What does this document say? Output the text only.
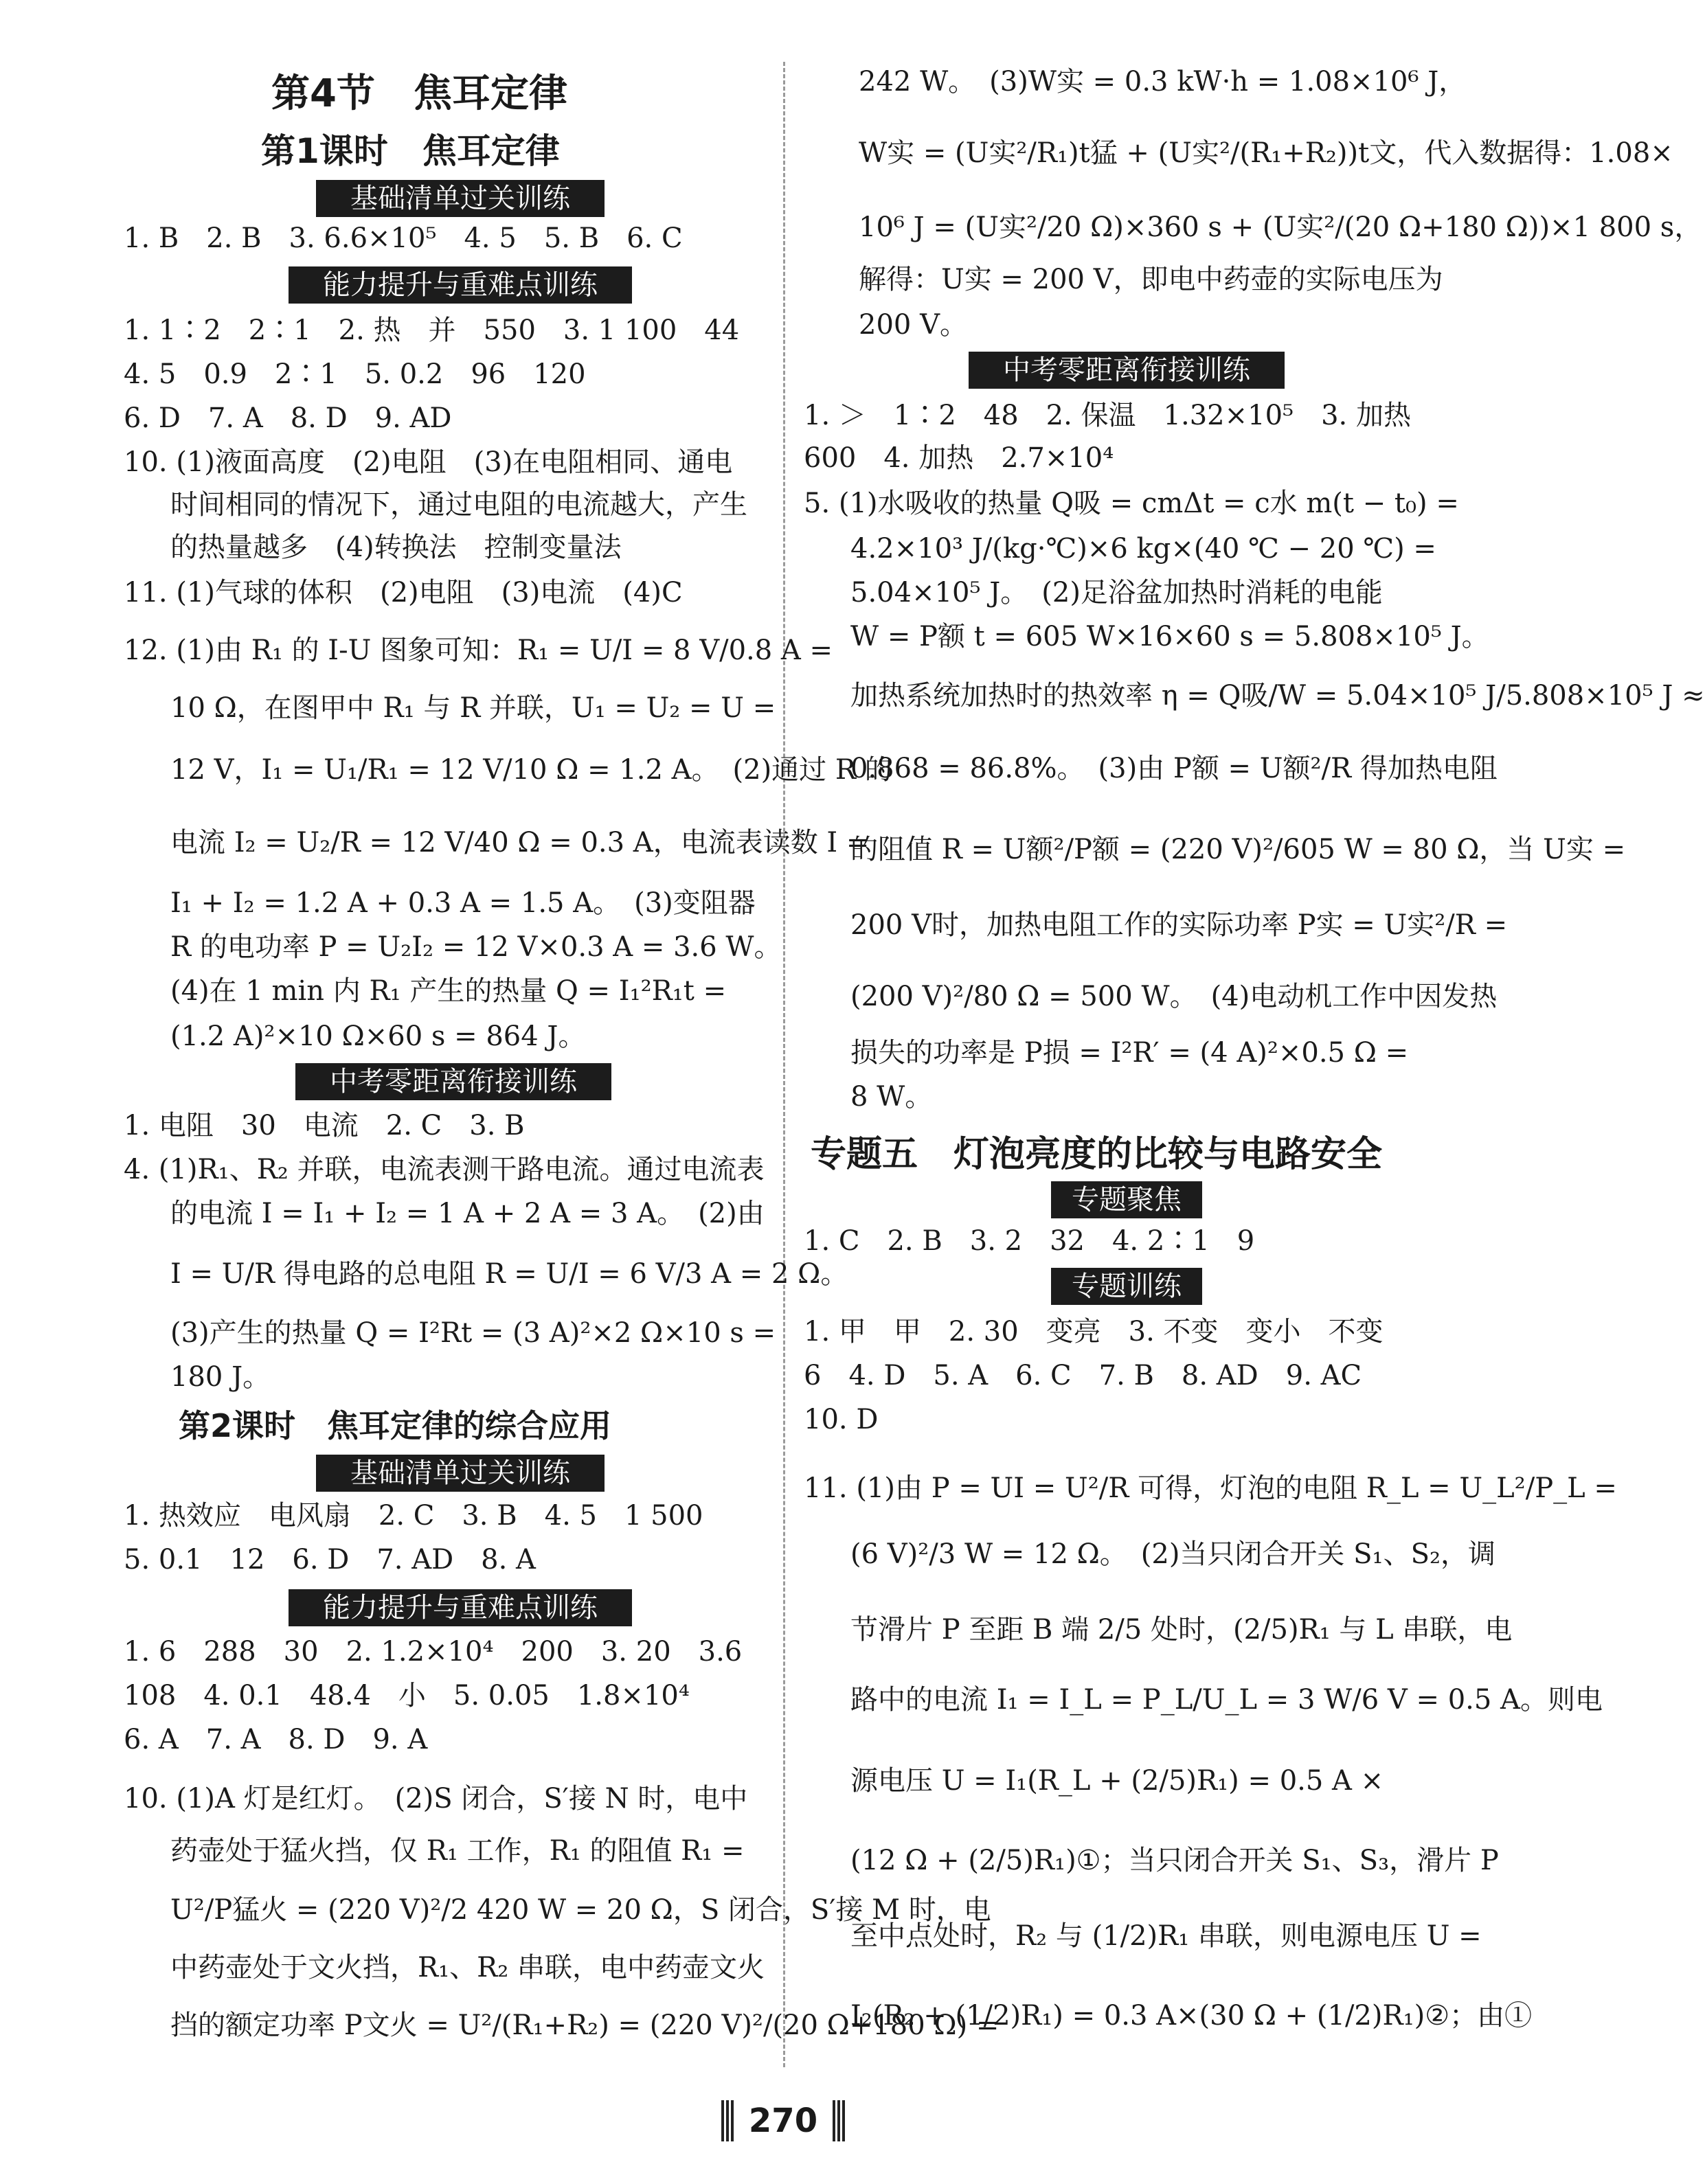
第4节　焦耳定律
第1课时　焦耳定律
基础清单过关训练
1. B　2. B　3. 6.6×10⁵　4. 5　5. B　6. C
能力提升与重难点训练
1. 1∶2　2∶1　2. 热　并　550　3. 1 100　44
4. 5　0.9　2∶1　5. 0.2　96　120
6. D　7. A　8. D　9. AD
10. (1)液面高度　(2)电阻　(3)在电阻相同、通电
时间相同的情况下，通过电阻的电流越大，产生
的热量越多　(4)转换法　控制变量法
11. (1)气球的体积　(2)电阻　(3)电流　(4)C
12. (1)由 R₁ 的 I-U 图象可知：R₁ = U/I = 8 V/0.8 A =
10 Ω，在图甲中 R₁ 与 R 并联，U₁ = U₂ = U =
12 V，I₁ = U₁/R₁ = 12 V/10 Ω = 1.2 A。　(2)通过 R 的
电流 I₂ = U₂/R = 12 V/40 Ω = 0.3 A，电流表读数 I =
I₁ + I₂ = 1.2 A + 0.3 A = 1.5 A。　(3)变阻器
R 的电功率 P = U₂I₂ = 12 V×0.3 A = 3.6 W。
(4)在 1 min 内 R₁ 产生的热量 Q = I₁²R₁t =
(1.2 A)²×10 Ω×60 s = 864 J。
中考零距离衔接训练
1. 电阻　30　电流　2. C　3. B
4. (1)R₁、R₂ 并联，电流表测干路电流。通过电流表
的电流 I = I₁ + I₂ = 1 A + 2 A = 3 A。　(2)由
I = U/R 得电路的总电阻 R = U/I = 6 V/3 A = 2 Ω。
(3)产生的热量 Q = I²Rt = (3 A)²×2 Ω×10 s =
180 J。
第2课时　焦耳定律的综合应用
基础清单过关训练
1. 热效应　电风扇　2. C　3. B　4. 5　1 500
5. 0.1　12　6. D　7. AD　8. A
能力提升与重难点训练
1. 6　288　30　2. 1.2×10⁴　200　3. 20　3.6
108　4. 0.1　48.4　小　5. 0.05　1.8×10⁴
6. A　7. A　8. D　9. A
10. (1)A 灯是红灯。　(2)S 闭合，S′接 N 时，电中
药壶处于猛火挡，仅 R₁ 工作，R₁ 的阻值 R₁ =
U²/P猛火 = (220 V)²/2 420 W = 20 Ω，S 闭合，S′接 M 时，电
中药壶处于文火挡，R₁、R₂ 串联，电中药壶文火
挡的额定功率 P文火 = U²/(R₁+R₂) = (220 V)²/(20 Ω+180 Ω) =
242 W。　(3)W实 = 0.3 kW·h = 1.08×10⁶ J，
W实 = (U实²/R₁)t猛 + (U实²/(R₁+R₂))t文，代入数据得：1.08×
10⁶ J = (U实²/20 Ω)×360 s + (U实²/(20 Ω+180 Ω))×1 800 s，
解得：U实 = 200 V，即电中药壶的实际电压为
200 V。
中考零距离衔接训练
1. ＞　1∶2　48　2. 保温　1.32×10⁵　3. 加热
600　4. 加热　2.7×10⁴
5. (1)水吸收的热量 Q吸 = cmΔt = c水 m(t − t₀) =
4.2×10³ J/(kg·℃)×6 kg×(40 ℃ − 20 ℃) =
5.04×10⁵ J。　(2)足浴盆加热时消耗的电能
W = P额 t = 605 W×16×60 s = 5.808×10⁵ J。
加热系统加热时的热效率 η = Q吸/W = 5.04×10⁵ J/5.808×10⁵ J ≈
0.868 = 86.8%。　(3)由 P额 = U额²/R 得加热电阻
的阻值 R = U额²/P额 = (220 V)²/605 W = 80 Ω，当 U实 =
200 V时，加热电阻工作的实际功率 P实 = U实²/R =
(200 V)²/80 Ω = 500 W。　(4)电动机工作中因发热
损失的功率是 P损 = I²R′ = (4 A)²×0.5 Ω =
8 W。
专题五　灯泡亮度的比较与电路安全
专题聚焦
1. C　2. B　3. 2　32　4. 2∶1　9
专题训练
1. 甲　甲　2. 30　变亮　3. 不变　变小　不变
6　4. D　5. A　6. C　7. B　8. AD　9. AC
10. D
11. (1)由 P = UI = U²/R 可得，灯泡的电阻 R_L = U_L²/P_L =
(6 V)²/3 W = 12 Ω。　(2)当只闭合开关 S₁、S₂，调
节滑片 P 至距 B 端 2/5 处时，(2/5)R₁ 与 L 串联，电
路中的电流 I₁ = I_L = P_L/U_L = 3 W/6 V = 0.5 A。则电
源电压 U = I₁(R_L + (2/5)R₁) = 0.5 A ×
(12 Ω + (2/5)R₁)①；当只闭合开关 S₁、S₃，滑片 P
至中点处时，R₂ 与 (1/2)R₁ 串联，则电源电压 U =
I₂(R₂ + (1/2)R₁) = 0.3 A×(30 Ω + (1/2)R₁)②；由①
270
